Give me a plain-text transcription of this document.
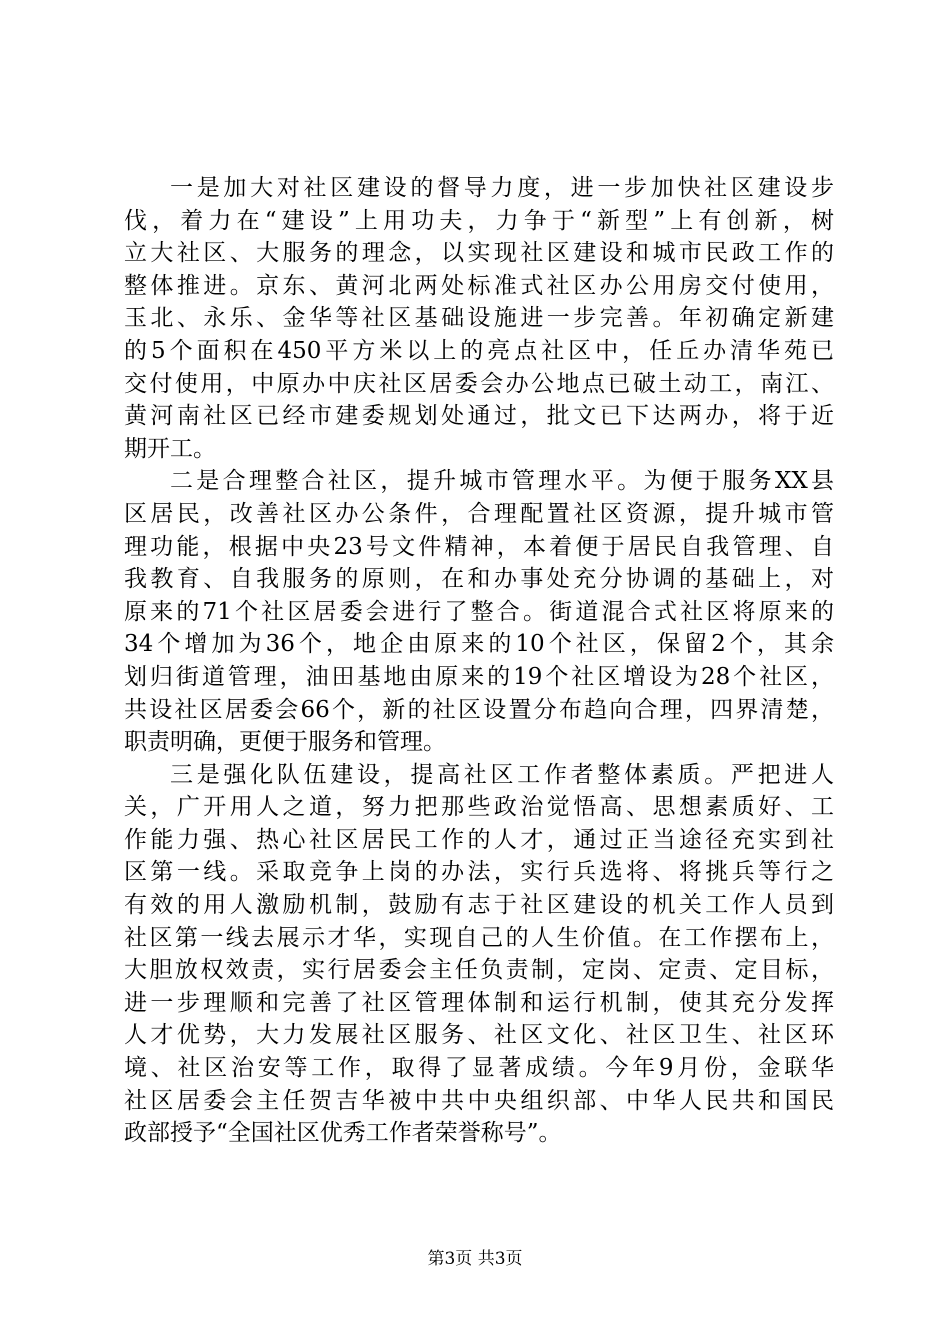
一是加大对社区建设的督导力度，进一步加快社区建设步
伐，着力在“建设”上用功夫，力争于“新型”上有创新，树
立大社区、大服务的理念，以实现社区建设和城市民政工作的
整体推进。京东、黄河北两处标准式社区办公用房交付使用，
玉北、永乐、金华等社区基础设施进一步完善。年初确定新建
的5个面积在450平方米以上的亮点社区中，任丘办清华苑已
交付使用，中原办中庆社区居委会办公地点已破土动工，南江、
黄河南社区已经市建委规划处通过，批文已下达两办，将于近
期开工。
二是合理整合社区，提升城市管理水平。为便于服务XX县
区居民，改善社区办公条件，合理配置社区资源，提升城市管
理功能，根据中央23号文件精神，本着便于居民自我管理、自
我教育、自我服务的原则，在和办事处充分协调的基础上，对
原来的71个社区居委会进行了整合。街道混合式社区将原来的
34个增加为36个，地企由原来的10个社区，保留2个，其余
划归街道管理，油田基地由原来的19个社区增设为28个社区，
共设社区居委会66个，新的社区设置分布趋向合理，四界清楚，
职责明确，更便于服务和管理。
三是强化队伍建设，提高社区工作者整体素质。严把进人
关，广开用人之道，努力把那些政治觉悟高、思想素质好、工
作能力强、热心社区居民工作的人才，通过正当途径充实到社
区第一线。采取竞争上岗的办法，实行兵选将、将挑兵等行之
有效的用人激励机制，鼓励有志于社区建设的机关工作人员到
社区第一线去展示才华，实现自己的人生价值。在工作摆布上，
大胆放权效责，实行居委会主任负责制，定岗、定责、定目标，
进一步理顺和完善了社区管理体制和运行机制，使其充分发挥
人才优势，大力发展社区服务、社区文化、社区卫生、社区环
境、社区治安等工作，取得了显著成绩。今年9月份，金联华
社区居委会主任贺吉华被中共中央组织部、中华人民共和国民
政部授予“全国社区优秀工作者荣誉称号”。
第3页 共3页
